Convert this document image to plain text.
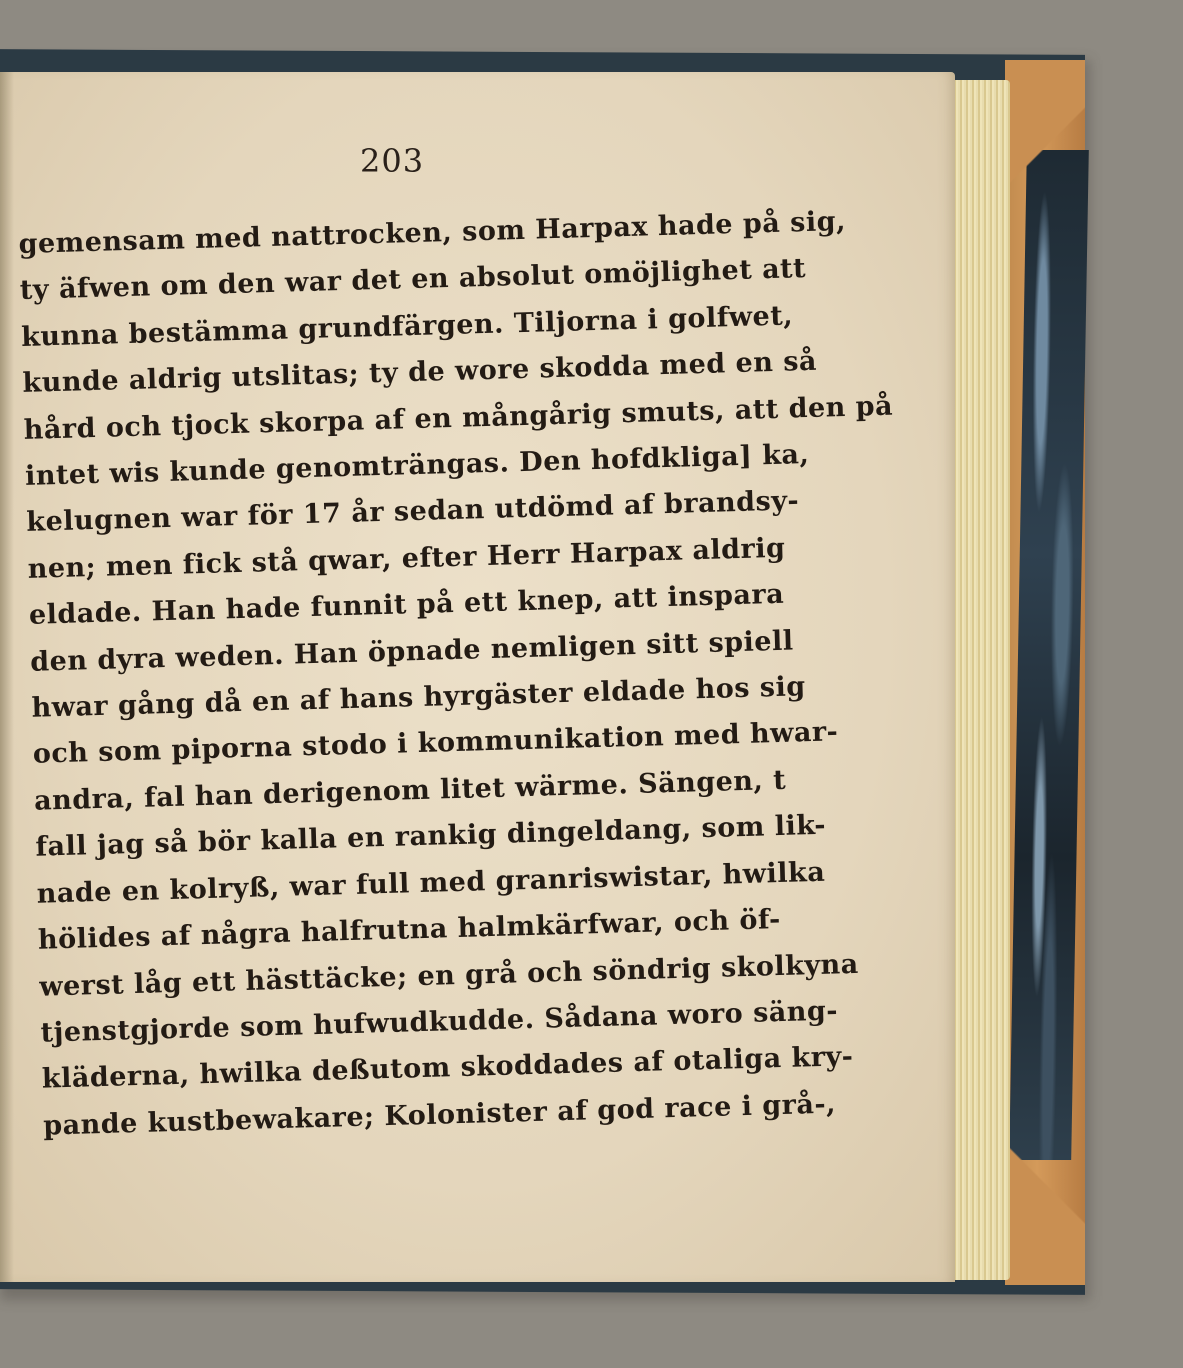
203
gemensam med nattrocken, som Harpax hade på sig,
ty äfwen om den war det en absolut omöjlighet att
kunna bestämma grundfärgen. Tiljorna i golfwet,
kunde aldrig utslitas; ty de wore skodda med en så
hård och tjock skorpa af en mångårig smuts, att den på
intet wis kunde genomträngas. Den hofdkliga] ka,
kelugnen war för 17 år sedan utdömd af brandsy-
nen; men fick stå qwar, efter Herr Harpax aldrig
eldade. Han hade funnit på ett knep, att inspara
den dyra weden. Han öpnade nemligen sitt spiell
hwar gång då en af hans hyrgäster eldade hos sig
och som piporna stodo i kommunikation med hwar-
andra, fal han derigenom litet wärme. Sängen, t
fall jag så bör kalla en rankig dingeldang, som lik-
nade en kolryß, war full med granriswistar, hwilka
hölides af några halfrutna halmkärfwar, och öf-
werst låg ett hästtäcke; en grå och söndrig skolkyna
tjenstgjorde som hufwudkudde. Sådana woro säng-
kläderna, hwilka deßutom skoddades af otaliga kry-
pande kustbewakare; Kolonister af god race i grå-,
